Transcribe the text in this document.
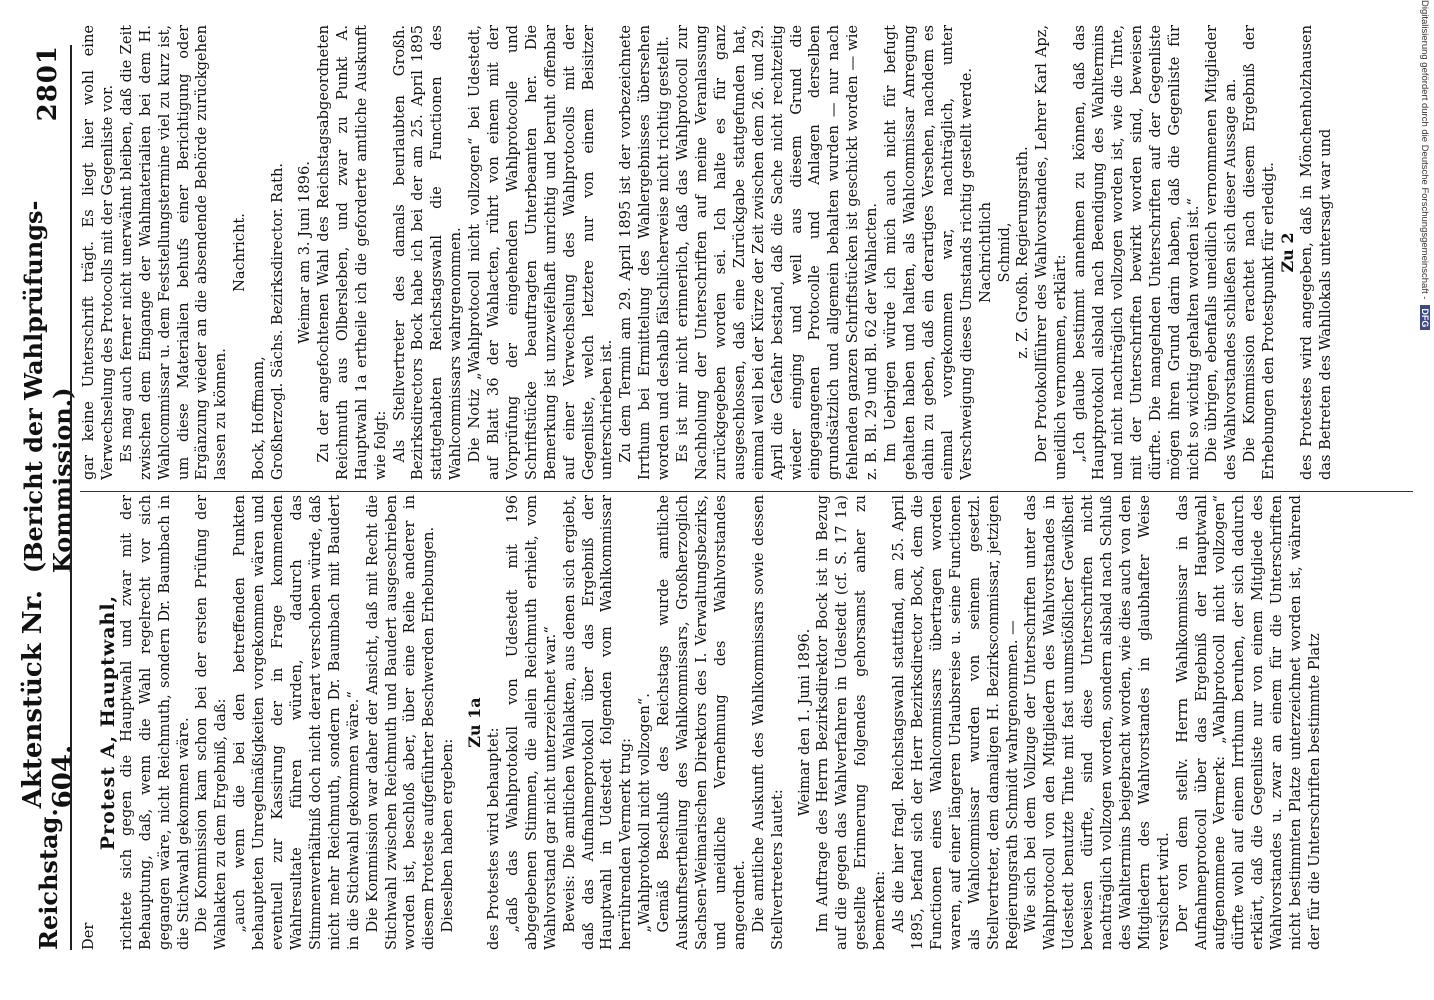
Reichstag.
Aktenstück Nr. 604.
(Bericht der Wahlprüfungs-Kommission.)
2801

Der

Protest A, Hauptwahl,

richtete sich gegen die Hauptwahl und zwar mit der Behauptung, daß, wenn die Wahl regelrecht vor sich gegangen wäre, nicht Reichmuth, sondern Dr. Baumbach in die Stichwahl gekommen wäre. Die Kommission kam schon bei der ersten Prüfung der Wahlakten zu dem Ergebniß, daß: „auch wenn die bei den betreffenden Punkten behaupteten Unregelmäßigkeiten vorgekommen wären und eventuell zur Kassirung der in Frage kommenden Wahlresultate führen würden, dadurch das Stimmenverhältniß doch nicht derart verschoben würde, daß nicht mehr Reichmuth, sondern Dr. Baumbach mit Baudert in die Stichwahl gekommen wäre.“ Die Kommission war daher der Ansicht, daß mit Recht die Stichwahl zwischen Reichmuth und Baudert ausgeschrieben worden ist, beschloß aber, über eine Reihe anderer in diesem Proteste aufgeführter Beschwerden Erhebungen. Dieselben haben ergeben:

Zu 1a

des Protestes wird behauptet: „daß das Wahlprotokoll von Udestedt mit 196 abgegebenen Stimmen, die allein Reichmuth erhielt, vom Wahlvorstand gar nicht unterzeichnet war.“ Beweis: Die amtlichen Wahlakten, aus denen sich ergiebt, daß das Aufnahmeprotokoll über das Ergebniß der Hauptwahl in Udestedt folgenden vom Wahlkommissar herrührenden Vermerk trug: „Wahlprotokoll nicht vollzogen“. Gemäß Beschluß des Reichstags wurde amtliche Auskunftsertheilung des Wahlkommissars, Großherzoglich Sachsen-Weimarischen Direktors des I. Verwaltungsbezirks, und uneidliche Vernehmung des Wahlvorstandes angeordnet. Die amtliche Auskunft des Wahlkommissars sowie dessen Stellvertreters lautet:

Weimar den 1. Juni 1896. Im Auftrage des Herrn Bezirksdirektor Bock ist in Bezug auf die gegen das Wahlverfahren in Udestedt (cf. S. 17 1a) gestellte Erinnerung folgendes gehorsamst anher zu bemerken: Als die hier fragl. Reichstagswahl stattfand, am 25. April 1895, befand sich der Herr Bezirksdirector Bock, dem die Functionen eines Wahlcommissars übertragen worden waren, auf einer längeren Urlaubsreise u. seine Functionen als Wahlcommissar wurden von seinem gesetzl. Stellvertreter, dem damaligen H. Bezirkscommissar, jetzigen Regierungsrath Schmidt wahrgenommen. — Wie sich bei dem Vollzuge der Unterschriften unter das Wahlprotocoll von den Mitgliedern des Wahlvorstandes in Udestedt benutzte Tinte mit fast unumstößlicher Gewißheit beweisen dürfte, sind diese Unterschriften nicht nachträglich vollzogen worden, sondern alsbald nach Schluß des Wahltermins beigebracht worden, wie dies auch von den Mitgliedern des Wahlvorstandes in glaubhafter Weise versichert wird. Der von dem stellv. Herrn Wahlkommissar in das Aufnahmeprotocoll über das Ergebniß der Hauptwahl aufgenommene Vermerk: „Wahlprotocoll nicht vollzogen“ dürfte wohl auf einem Irrthum beruhen, der sich dadurch erklärt, daß die Gegenliste nur von einem Mitgliede des Wahlvorstandes u. zwar an einem für die Unterschriften nicht bestimmten Platze unterzeichnet worden ist, während der für die Unterschriften bestimmte Platz

gar keine Unterschrift trägt. Es liegt hier wohl eine Verwechselung des Protocolls mit der Gegenliste vor. Es mag auch ferner nicht unerwähnt bleiben, daß die Zeit zwischen dem Eingange der Wahlmaterialien bei dem H. Wahlcommissar u. dem Feststellungstermine viel zu kurz ist, um diese Materialien behufs einer Berichtigung oder Ergänzung wieder an die absendende Behörde zurückgehen lassen zu können.

Nachricht.

Bock, Hoffmann, Großherzogl. Sächs. Bezirksdirector. Rath. Weimar am 3. Juni 1896. Zu der angefochtenen Wahl des Reichstagsabgeordneten Reichmuth aus Olbersleben, und zwar zu Punkt A. Hauptwahl 1a ertheile ich die geforderte amtliche Auskunft wie folgt: Als Stellvertreter des damals beurlaubten Großh. Bezirksdirectors Bock habe ich bei der am 25. April 1895 stattgehabten Reichstagswahl die Functionen des Wahlcommissars wahrgenommen. Die Notiz „Wahlprotocoll nicht vollzogen“ bei Udestedt, auf Blatt 36 der Wahlacten, rührt von einem mit der Vorprüfung der eingehenden Wahlprotocolle und Schriftstücke beauftragten Unterbeamten her. Die Bemerkung ist unzweifelhaft unrichtig und beruht offenbar auf einer Verwechselung des Wahlprotocolls mit der Gegenliste, welch letztere nur von einem Beisitzer unterschrieben ist. Zu dem Termin am 29. April 1895 ist der vorbezeichnete Irrthum bei Ermittelung des Wahlergebnisses übersehen worden und deshalb fälschlicherweise nicht richtig gestellt. Es ist mir nicht erinnerlich, daß das Wahlprotocoll zur Nachholung der Unterschriften auf meine Veranlassung zurückgegeben worden sei. Ich halte es für ganz ausgeschlossen, daß eine Zurückgabe stattgefunden hat, einmal weil bei der Kürze der Zeit zwischen dem 26. und 29. April die Gefahr bestand, daß die Sache nicht rechtzeitig wieder einging und weil aus diesem Grund die eingegangenen Protocolle und Anlagen derselben grundsätzlich und allgemein behalten wurden — nur nach fehlenden ganzen Schriftstücken ist geschickt worden — wie z. B. Bl. 29 und Bl. 62 der Wahlacten. Im Uebrigen würde ich mich auch nicht für befugt gehalten haben und halten, als Wahlcommissar Anregung dahin zu geben, daß ein derartiges Versehen, nachdem es einmal vorgekommen war, nachträglich, unter Verschweigung dieses Umstands richtig gestellt werde. Nachrichtlich Schmid, z. Z. Großh. Regierungsrath. Der Protokollführer des Wahlvorstandes, Lehrer Karl Apz, uneidlich vernommen, erklärt: „Ich glaube bestimmt annehmen zu können, daß das Hauptprotokoll alsbald nach Beendigung des Wahltermins und nicht nachträglich vollzogen worden ist, wie die Tinte, mit der Unterschriften bewirkt worden sind, beweisen dürfte. Die mangelnden Unterschriften auf der Gegenliste mögen ihren Grund darin haben, daß die Gegenliste für nicht so wichtig gehalten worden ist.“ Die übrigen, ebenfalls uneidlich vernommenen Mitglieder des Wahlvorstandes schließen sich dieser Aussage an. Die Kommission erachtet nach diesem Ergebniß der Erhebungen den Protestpunkt für erledigt. Zu 2 des Protestes wird angegeben, daß in Mönchenholzhausen das Betreten des Wahllokals untersagt war und	Digitalisierung gefördert durch die Deutsche Forschungsgemeinschaft -
DFG
